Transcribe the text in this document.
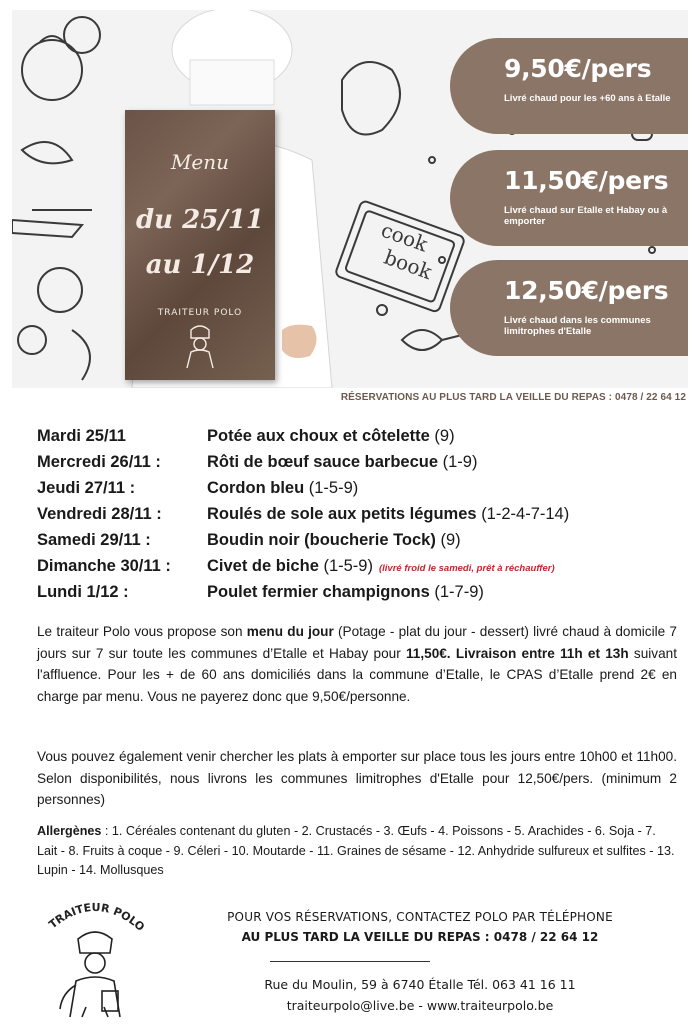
cook
book
Menu
du 25/11
au 1/12
TRAITEUR POLO
9,50€/pers
Livré chaud pour les +60 ans à Etalle
11,50€/pers
Livré chaud sur Etalle et Habay ou à emporter
12,50€/pers
Livré chaud dans les communes limitrophes d'Etalle
RÉSERVATIONS AU PLUS TARD LA VEILLE DU REPAS : 0478 / 22 64 12
Mardi 25/11	Potée aux choux et côtelette (9)
Mercredi 26/11 :	Rôti de bœuf sauce barbecue (1-9)
Jeudi 27/11 :	Cordon bleu (1-5-9)
Vendredi 28/11 :	Roulés de sole aux petits légumes (1-2-4-7-14)
Samedi 29/11 :	Boudin noir (boucherie Tock) (9)
Dimanche 30/11 : Civet de biche (1-5-9) (livré froid le samedi, prêt à réchauffer)
Lundi 1/12 :	Poulet fermier champignons (1-7-9)
Le traiteur Polo vous propose son menu du jour (Potage - plat du jour - dessert) livré chaud à domicile 7 jours sur 7 sur toute les communes d’Etalle et Habay pour 11,50€. Livraison entre 11h et 13h suivant l'affluence. Pour les + de 60 ans domiciliés dans la commune d’Etalle, le CPAS d’Etalle prend 2€ en charge par menu. Vous ne payerez donc que 9,50€/personne.
Vous pouvez également venir chercher les plats à emporter sur place tous les jours entre 10h00 et 11h00. Selon disponibilités, nous livrons les communes limitrophes d'Etalle pour 12,50€/pers. (minimum 2 personnes)
Allergènes : 1. Céréales contenant du gluten - 2. Crustacés - 3. Œufs - 4. Poissons - 5. Arachides - 6. Soja - 7. Lait - 8. Fruits à coque - 9. Céleri - 10. Moutarde - 11. Graines de sésame - 12. Anhydride sulfureux et sulfites - 13. Lupin - 14. Mollusques
TRAITEUR POLO
POUR VOS RÉSERVATIONS, CONTACTEZ POLO PAR TÉLÉPHONE
AU PLUS TARD LA VEILLE DU REPAS : 0478 / 22 64 12
Rue du Moulin, 59 à 6740 Étalle Tél. 063 41 16 11
traiteurpolo@live.be - www.traiteurpolo.be
